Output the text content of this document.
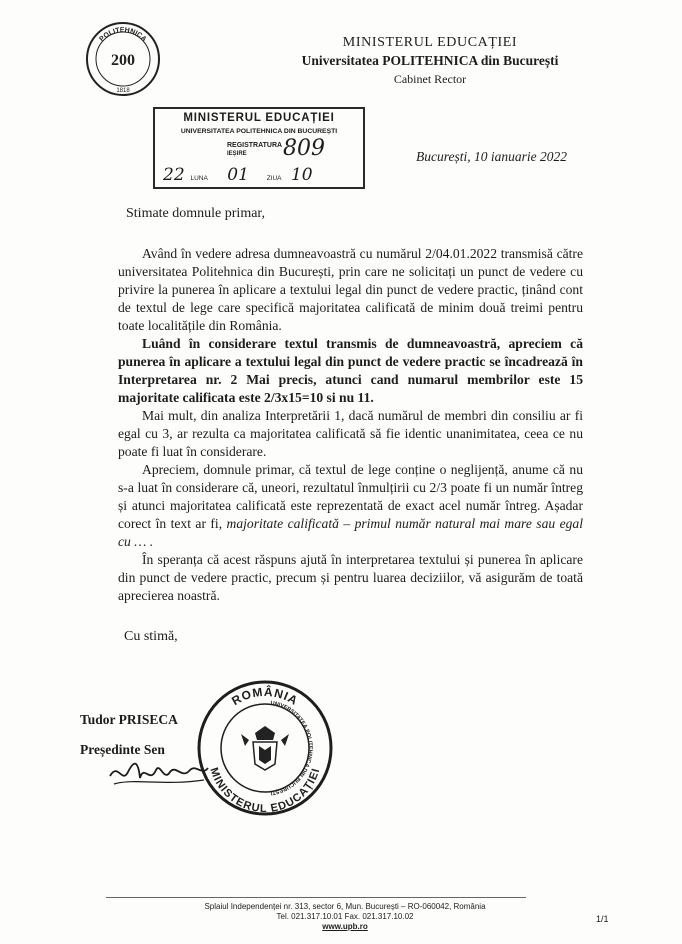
POLITEHNICA
200
1818
MINISTERUL EDUCAȚIEI
Universitatea POLITEHNICA din București
Cabinet Rector
MINISTERUL EDUCAȚIEI
UNIVERSITATEA POLITEHNICA DIN BUCUREȘTI
REGISTRATURA
IEȘIRE 809
22 LUNA 01	ZIUA 10
București, 10 ianuarie 2022
Stimate domnule primar,

Având în vedere adresa dumneavoastră cu numărul 2/04.01.2022 transmisă către universitatea Politehnica din București, prin care ne solicitați un punct de vedere cu privire la punerea în aplicare a textului legal din punct de vedere practic, ținând cont de textul de lege care specifică majoritatea calificată de minim două treimi pentru toate localitățile din România.

Luând în considerare textul transmis de dumneavoastră, apreciem că punerea în aplicare a textului legal din punct de vedere practic se încadrează în Interpretarea nr. 2 Mai precis, atunci cand numarul membrilor este 15 majoritate calificata este 2/3x15=10 si nu 11.

Mai mult, din analiza Interpretării 1, dacă numărul de membri din consiliu ar fi egal cu 3, ar rezulta ca majoritatea calificată să fie identic unanimitatea, ceea ce nu poate fi luat în considerare.

Apreciem, domnule primar, că textul de lege conține o neglijență, anume că nu s-a luat în considerare că, uneori, rezultatul înmulțirii cu 2/3 poate fi un număr întreg și atunci majoritatea calificată este reprezentată de exact acel număr întreg. Așadar corect în text ar fi, majoritate calificată – primul număr natural mai mare sau egal cu … .

În speranța că acest răspuns ajută în interpretarea textului și punerea în aplicare din punct de vedere practic, precum și pentru luarea deciziilor, vă asigurăm de toată aprecierea noastră.

Cu stimă,
Tudor PRISECA
Președinte Sen
ROMÂNIA
MINISTERUL EDUCAȚIEI
UNIVERSITATEA POLITEHNICA DIN BUCUREȘTI
Splaiul Independenței nr. 313, sector 6, Mun. București – RO-060042, România
Tel. 021.317.10.01 Fax. 021.317.10.02
www.upb.ro
1/1
